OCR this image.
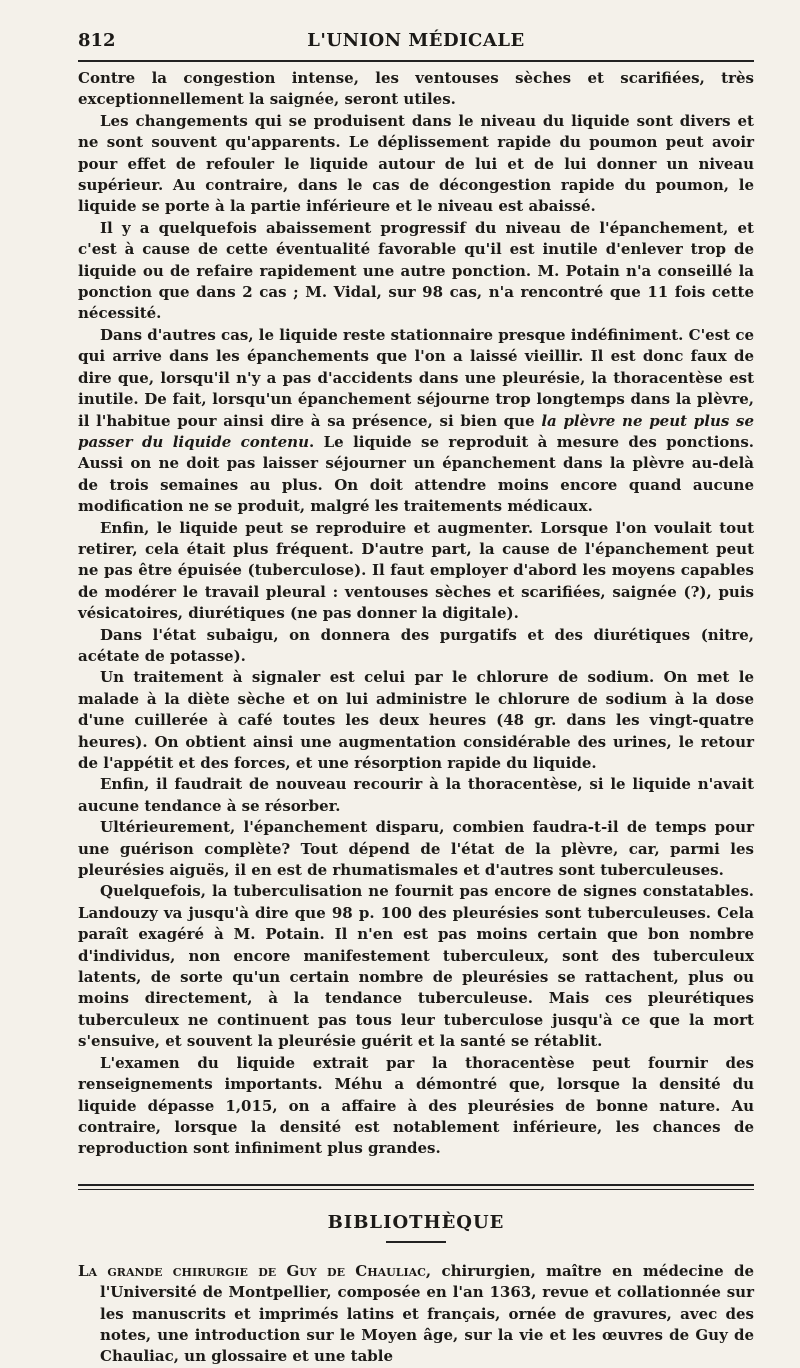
812	L'UNION MÉDICALE

Contre la congestion intense, les ventouses sèches et scarifiées, très exceptionnellement la saignée, seront utiles.

Les changements qui se produisent dans le niveau du liquide sont divers et ne sont souvent qu'apparents. Le déplissement rapide du poumon peut avoir pour effet de refouler le liquide autour de lui et de lui donner un niveau supérieur. Au contraire, dans le cas de décongestion rapide du poumon, le liquide se porte à la partie inférieure et le niveau est abaissé.

Il y a quelquefois abaissement progressif du niveau de l'épanchement, et c'est à cause de cette éventualité favorable qu'il est inutile d'enlever trop de liquide ou de refaire rapidement une autre ponction. M. Potain n'a conseillé la ponction que dans 2 cas ; M. Vidal, sur 98 cas, n'a rencontré que 11 fois cette nécessité.

Dans d'autres cas, le liquide reste stationnaire presque indéfiniment. C'est ce qui arrive dans les épanchements que l'on a laissé vieillir. Il est donc faux de dire que, lorsqu'il n'y a pas d'accidents dans une pleurésie, la thoracentèse est inutile. De fait, lorsqu'un épanchement séjourne trop longtemps dans la plèvre, il l'habitue pour ainsi dire à sa présence, si bien que la plèvre ne peut plus se passer du liquide contenu. Le liquide se reproduit à mesure des ponctions. Aussi on ne doit pas laisser séjourner un épanchement dans la plèvre au-delà de trois semaines au plus. On doit attendre moins encore quand aucune modification ne se produit, malgré les traitements médicaux.

Enfin, le liquide peut se reproduire et augmenter. Lorsque l'on voulait tout retirer, cela était plus fréquent. D'autre part, la cause de l'épanchement peut ne pas être épuisée (tuberculose). Il faut employer d'abord les moyens capables de modérer le travail pleural : ventouses sèches et scarifiées, saignée (?), puis vésicatoires, diurétiques (ne pas donner la digitale).

Dans l'état subaigu, on donnera des purgatifs et des diurétiques (nitre, acétate de potasse).

Un traitement à signaler est celui par le chlorure de sodium. On met le malade à la diète sèche et on lui administre le chlorure de sodium à la dose d'une cuillerée à café toutes les deux heures (48 gr. dans les vingt-quatre heures). On obtient ainsi une augmentation considérable des urines, le retour de l'appétit et des forces, et une résorption rapide du liquide.

Enfin, il faudrait de nouveau recourir à la thoracentèse, si le liquide n'avait aucune tendance à se résorber.

Ultérieurement, l'épanchement disparu, combien faudra-t-il de temps pour une guérison complète? Tout dépend de l'état de la plèvre, car, parmi les pleurésies aiguës, il en est de rhumatismales et d'autres sont tuberculeuses.

Quelquefois, la tuberculisation ne fournit pas encore de signes constatables. Landouzy va jusqu'à dire que 98 p. 100 des pleurésies sont tuberculeuses. Cela paraît exagéré à M. Potain. Il n'en est pas moins certain que bon nombre d'individus, non encore manifestement tuberculeux, sont des tuberculeux latents, de sorte qu'un certain nombre de pleurésies se rattachent, plus ou moins directement, à la tendance tuberculeuse. Mais ces pleurétiques tuberculeux ne continuent pas tous leur tuberculose jusqu'à ce que la mort s'ensuive, et souvent la pleurésie guérit et la santé se rétablit.

L'examen du liquide extrait par la thoracentèse peut fournir des renseignements importants. Méhu a démontré que, lorsque la densité du liquide dépasse 1,015, on a affaire à des pleurésies de bonne nature. Au contraire, lorsque la densité est notablement inférieure, les chances de reproduction sont infiniment plus grandes.

BIBLIOTHÈQUE
La grande chirurgie de Guy de Chauliac, chirurgien, maître en médecine de l'Université de Montpellier, composée en l'an 1363, revue et collationnée sur les manuscrits et imprimés latins et français, ornée de gravures, avec des notes, une introduction sur le Moyen âge, sur la vie et les œuvres de Guy de Chauliac, un glossaire et une table
